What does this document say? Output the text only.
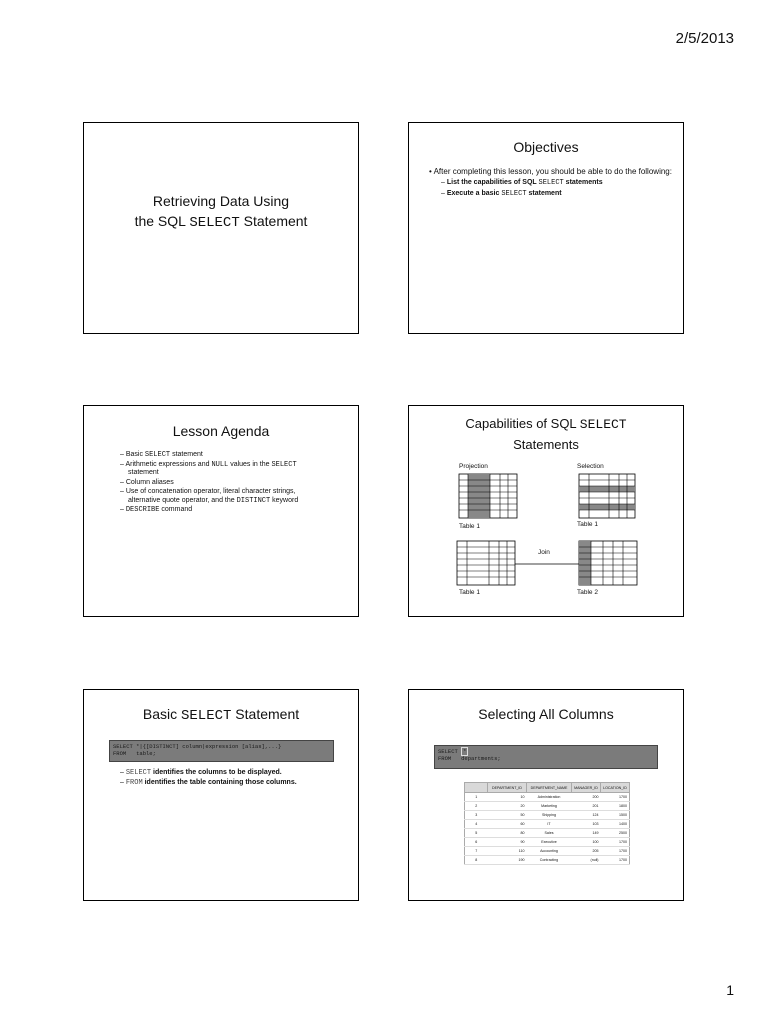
2/5/2013
Retrieving Data Using
the SQL SELECT Statement
Objectives
• After completing this lesson, you should be able to do the following:
– List the capabilities of SQL SELECT statements
– Execute a basic SELECT statement
Lesson Agenda
– Basic SELECT statement
– Arithmetic expressions and NULL values in the SELECT statement
– Column aliases
– Use of concatenation operator, literal character strings, alternative quote operator, and the DISTINCT keyword
– DESCRIBE command
Capabilities of SQL SELECT
Statements
Projection	Selection
Table 1	Table 1
Join
Table 1	Table 2
Basic SELECT Statement
SELECT *|{[DISTINCT] column|expression [alias],...}
FROM   table;
– SELECT identifies the columns to be displayed.
– FROM identifies the table containing those columns.
Selecting All Columns
SELECT *
FROM   departments;
	DEPARTMENT_ID	DEPARTMENT_NAME	MANAGER_ID	LOCATION_ID
1	10	Administration	200	1700
2	20	Marketing	201	1800
3	50	Shipping	124	1500
4	60	IT	103	1400
5	80	Sales	149	2500
6	90	Executive	100	1700
7	110	Accounting	205	1700
8	190	Contracting	(null)	1700
1
